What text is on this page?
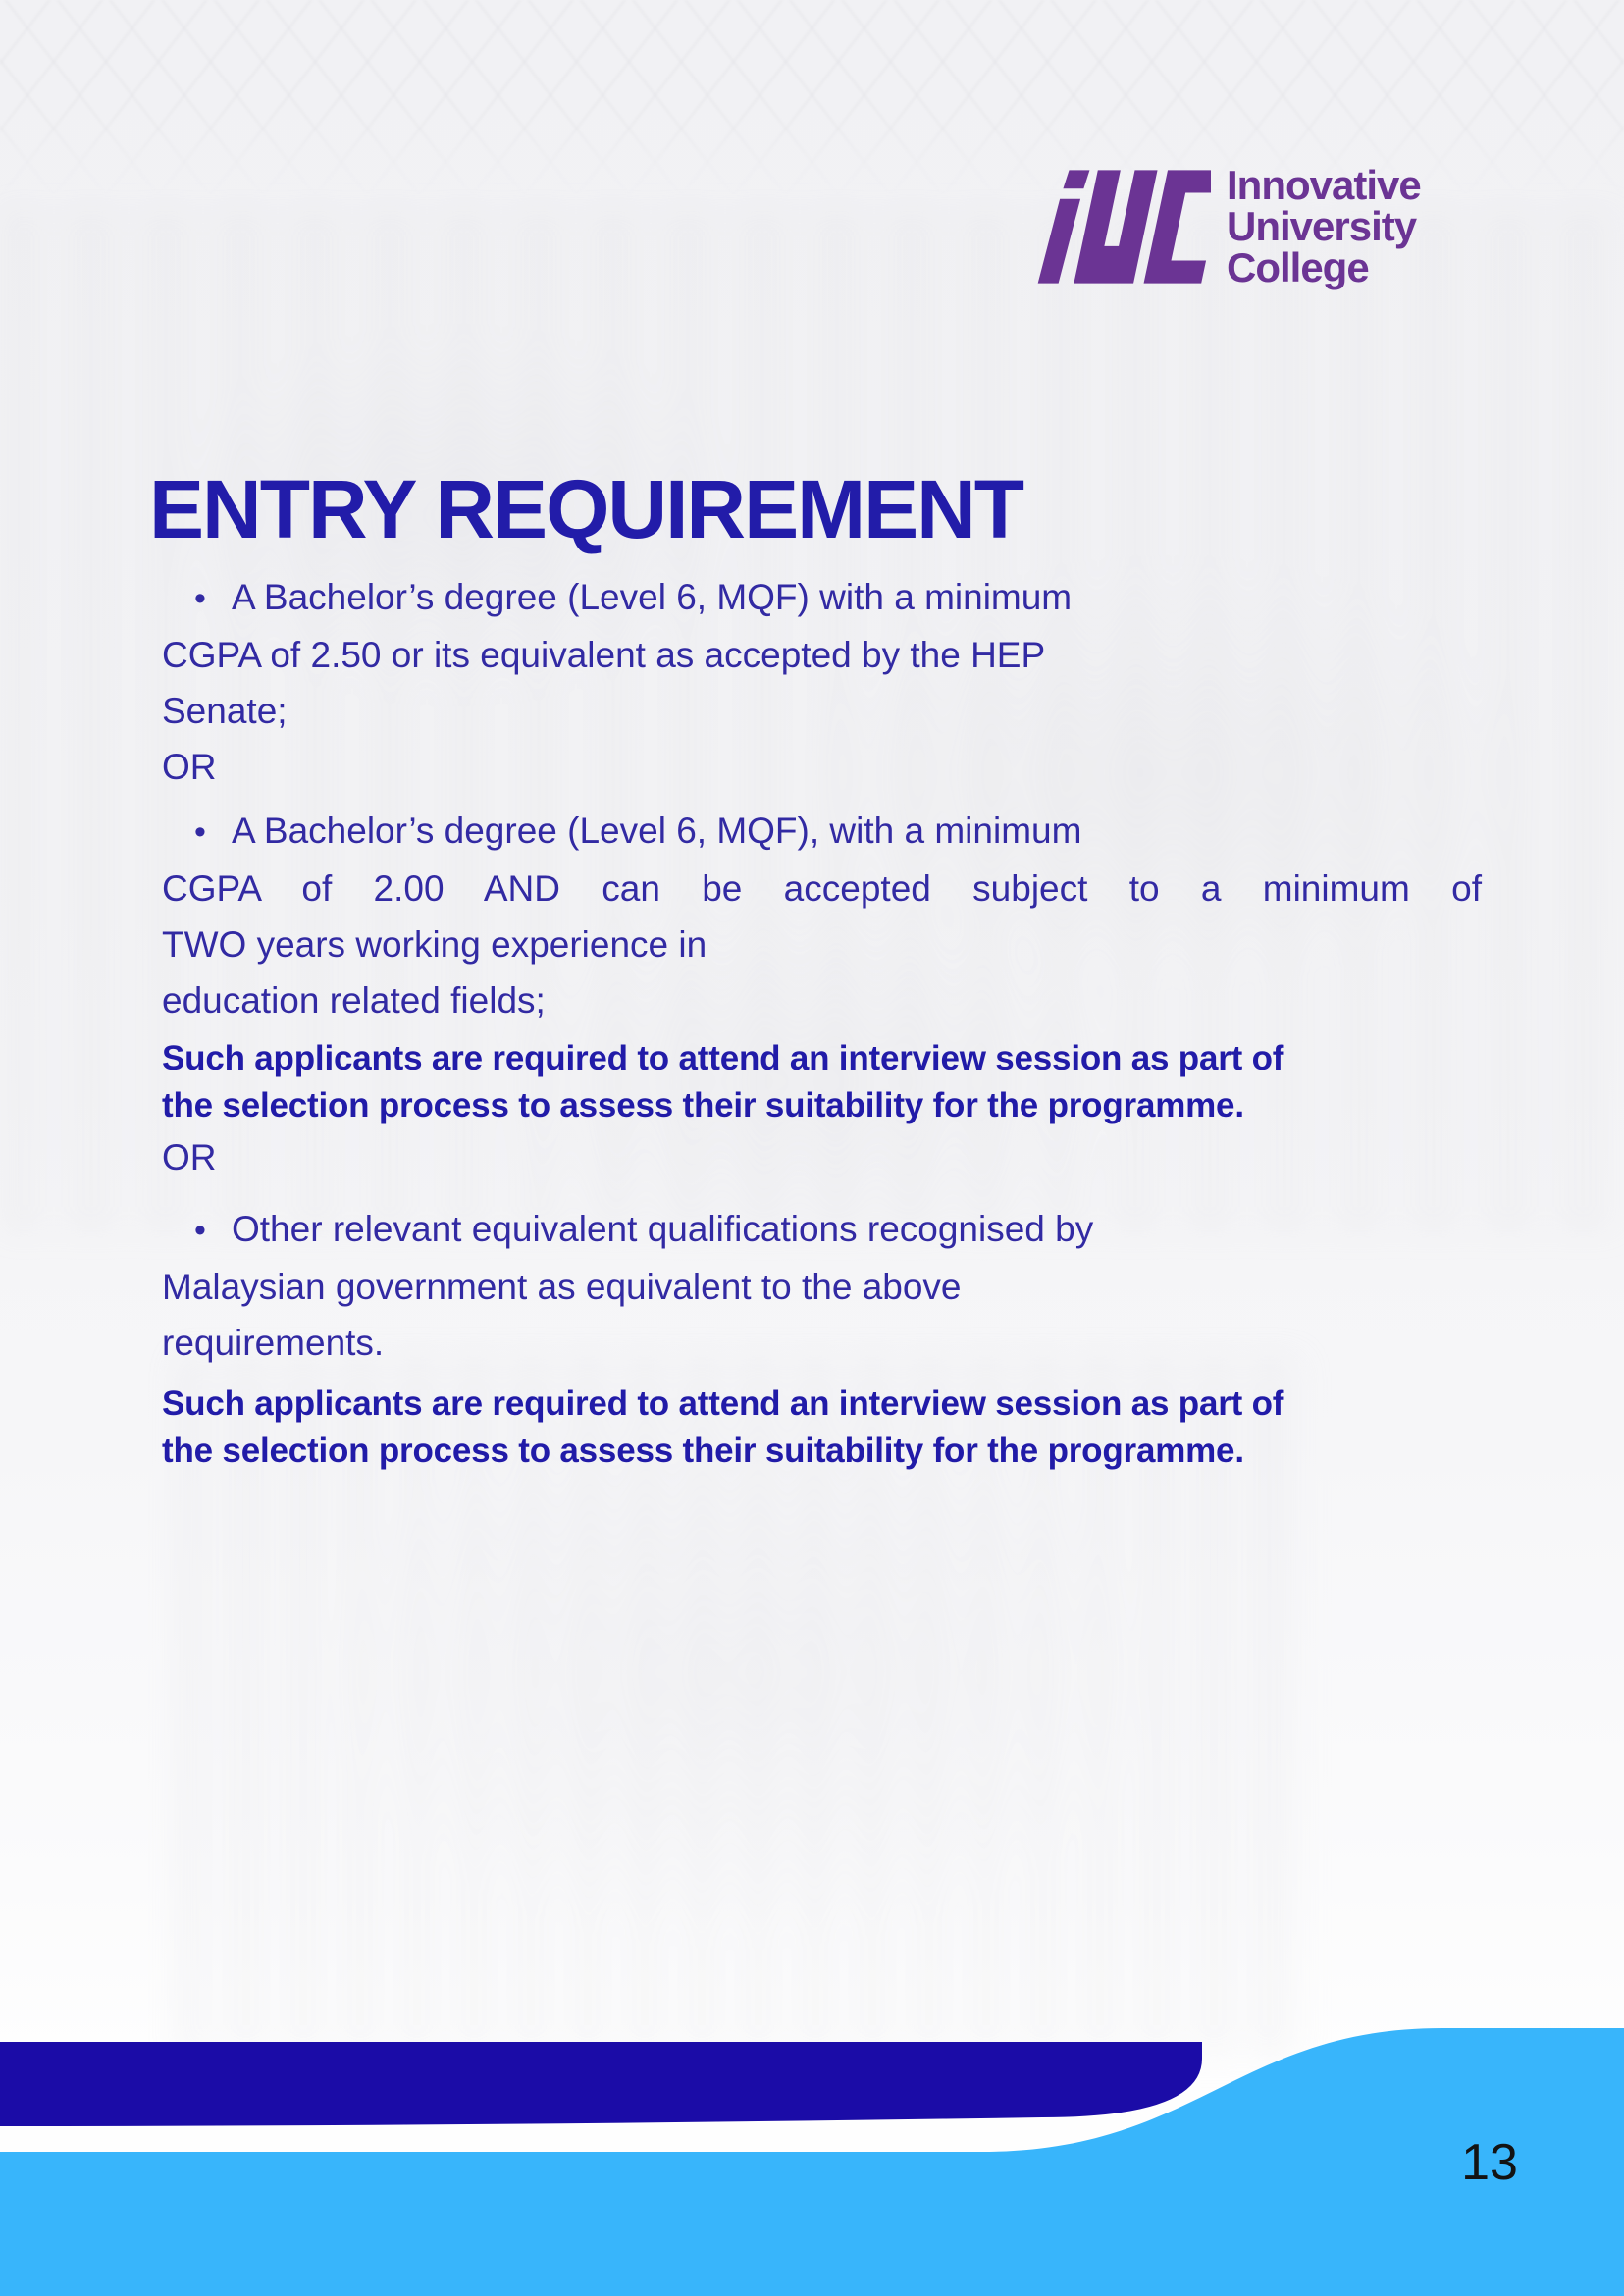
Innovative
University
College
ENTRY REQUIREMENT
• A Bachelor’s degree (Level 6, MQF) with a minimum
CGPA of 2.50 or its equivalent as accepted by the HEP
Senate;
OR
• A Bachelor’s degree (Level 6, MQF), with a minimum
CGPA of 2.00 AND can be accepted subject to a minimum of
TWO years working experience in
education related fields;
Such applicants are required to attend an interview session as part of
the selection process to assess their suitability for the programme.
OR
• Other relevant equivalent qualifications recognised by
Malaysian government as equivalent to the above
requirements.
Such applicants are required to attend an interview session as part of
the selection process to assess their suitability for the programme.
13
